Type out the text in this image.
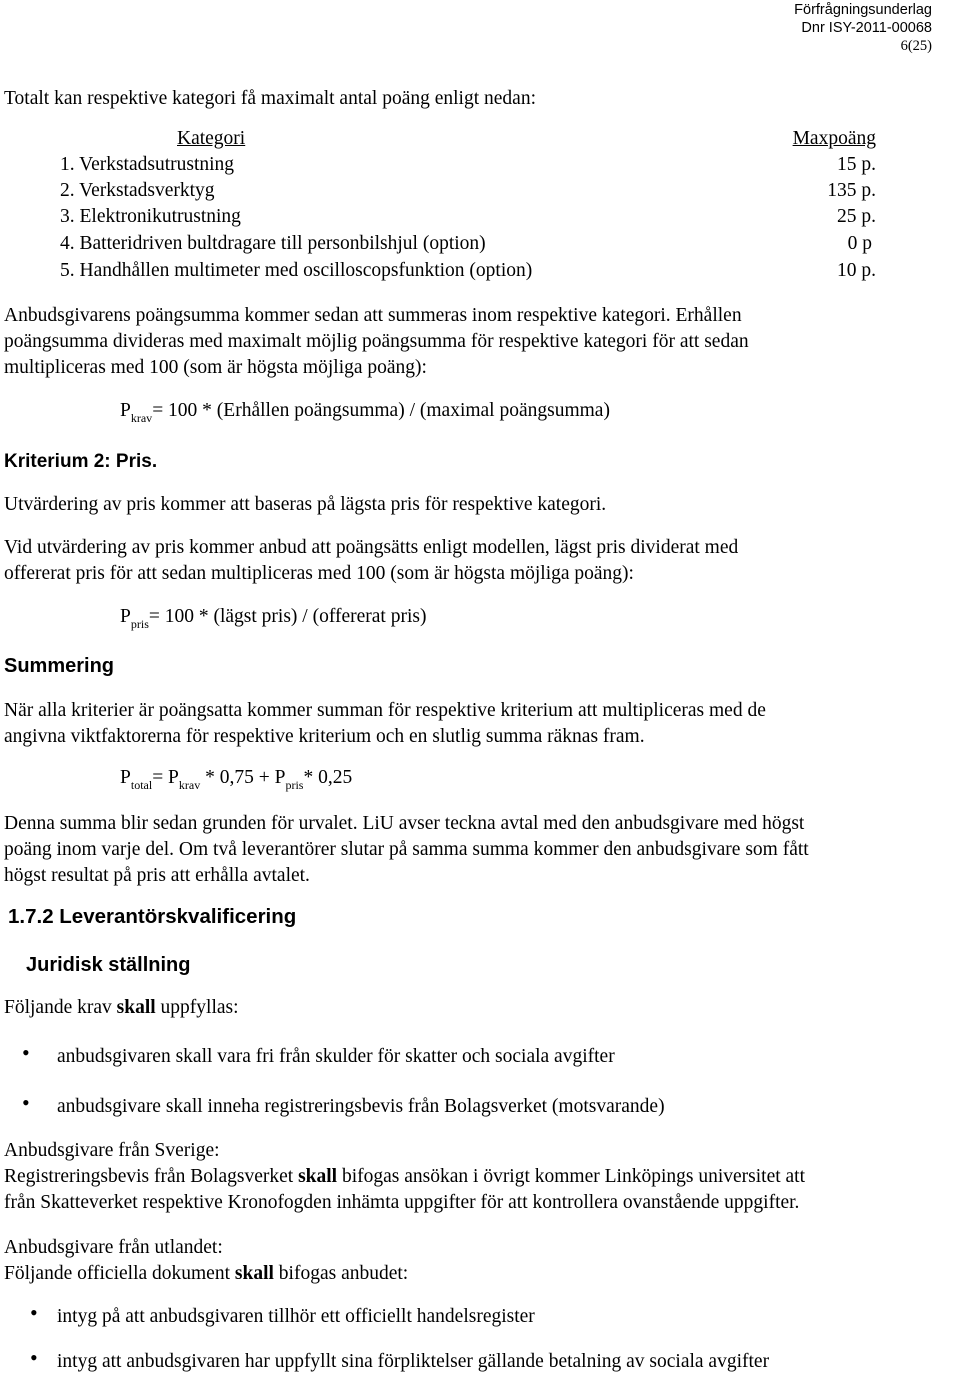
Förfrågningsunderlag
Dnr ISY-2011-00068
6(25)
Totalt kan respektive kategori få maximalt antal poäng enligt nedan:
Kategori	Maxpoäng
1. Verkstadsutrustning	15 p.
2. Verkstadsverktyg	135 p.
3. Elektronikutrustning	25 p.
4. Batteridriven bultdragare till personbilshjul (option)	0 p
5. Handhållen multimeter med oscilloscopsfunktion (option)	10 p.
Anbudsgivarens poängsumma kommer sedan att summeras inom respektive kategori. Erhållen
poängsumma divideras med maximalt möjlig poängsumma för respektive kategori för att sedan
multipliceras med 100 (som är högsta möjliga poäng):
$P_{krav}= 100$ * (Erhållen poängsumma) / (maximal poängsumma)
Kriterium 2: Pris.
Utvärdering av pris kommer att baseras på lägsta pris för respektive kategori.
Vid utvärdering av pris kommer anbud att poängsätts enligt modellen, lägst pris dividerat med
offererat pris för att sedan multipliceras med 100 (som är högsta möjliga poäng):
$P_{pris}= 100$ * (lägst pris) / (offererat pris)
Summering
När alla kriterier är poängsatta kommer summan för respektive kriterium att multipliceras med de
angivna viktfaktorerna för respektive kriterium och en slutlig summa räknas fram.
$P_{total}= P_{krav} * 0,75 + P_{pris}*$ 0,25
Denna summa blir sedan grunden för urvalet. LiU avser teckna avtal med den anbudsgivare med högst
poäng inom varje del. Om två leverantörer slutar på samma summa kommer den anbudsgivare som fått
högst resultat på pris att erhålla avtalet.
1.7.2 Leverantörskvalificering
Juridisk ställning
Följande krav skall uppfyllas:
• anbudsgivaren skall vara fri från skulder för skatter och sociala avgifter
• anbudsgivare skall inneha registreringsbevis från Bolagsverket (motsvarande)
Anbudsgivare från Sverige:
Registreringsbevis från Bolagsverket skall bifogas ansökan i övrigt kommer Linköpings universitet att
från Skatteverket respektive Kronofogden inhämta uppgifter för att kontrollera ovanstående uppgifter.
Anbudsgivare från utlandet:
Följande officiella dokument skall bifogas anbudet:
• intyg på att anbudsgivaren tillhör ett officiellt handelsregister
• intyg att anbudsgivaren har uppfyllt sina förpliktelser gällande betalning av sociala avgifter
